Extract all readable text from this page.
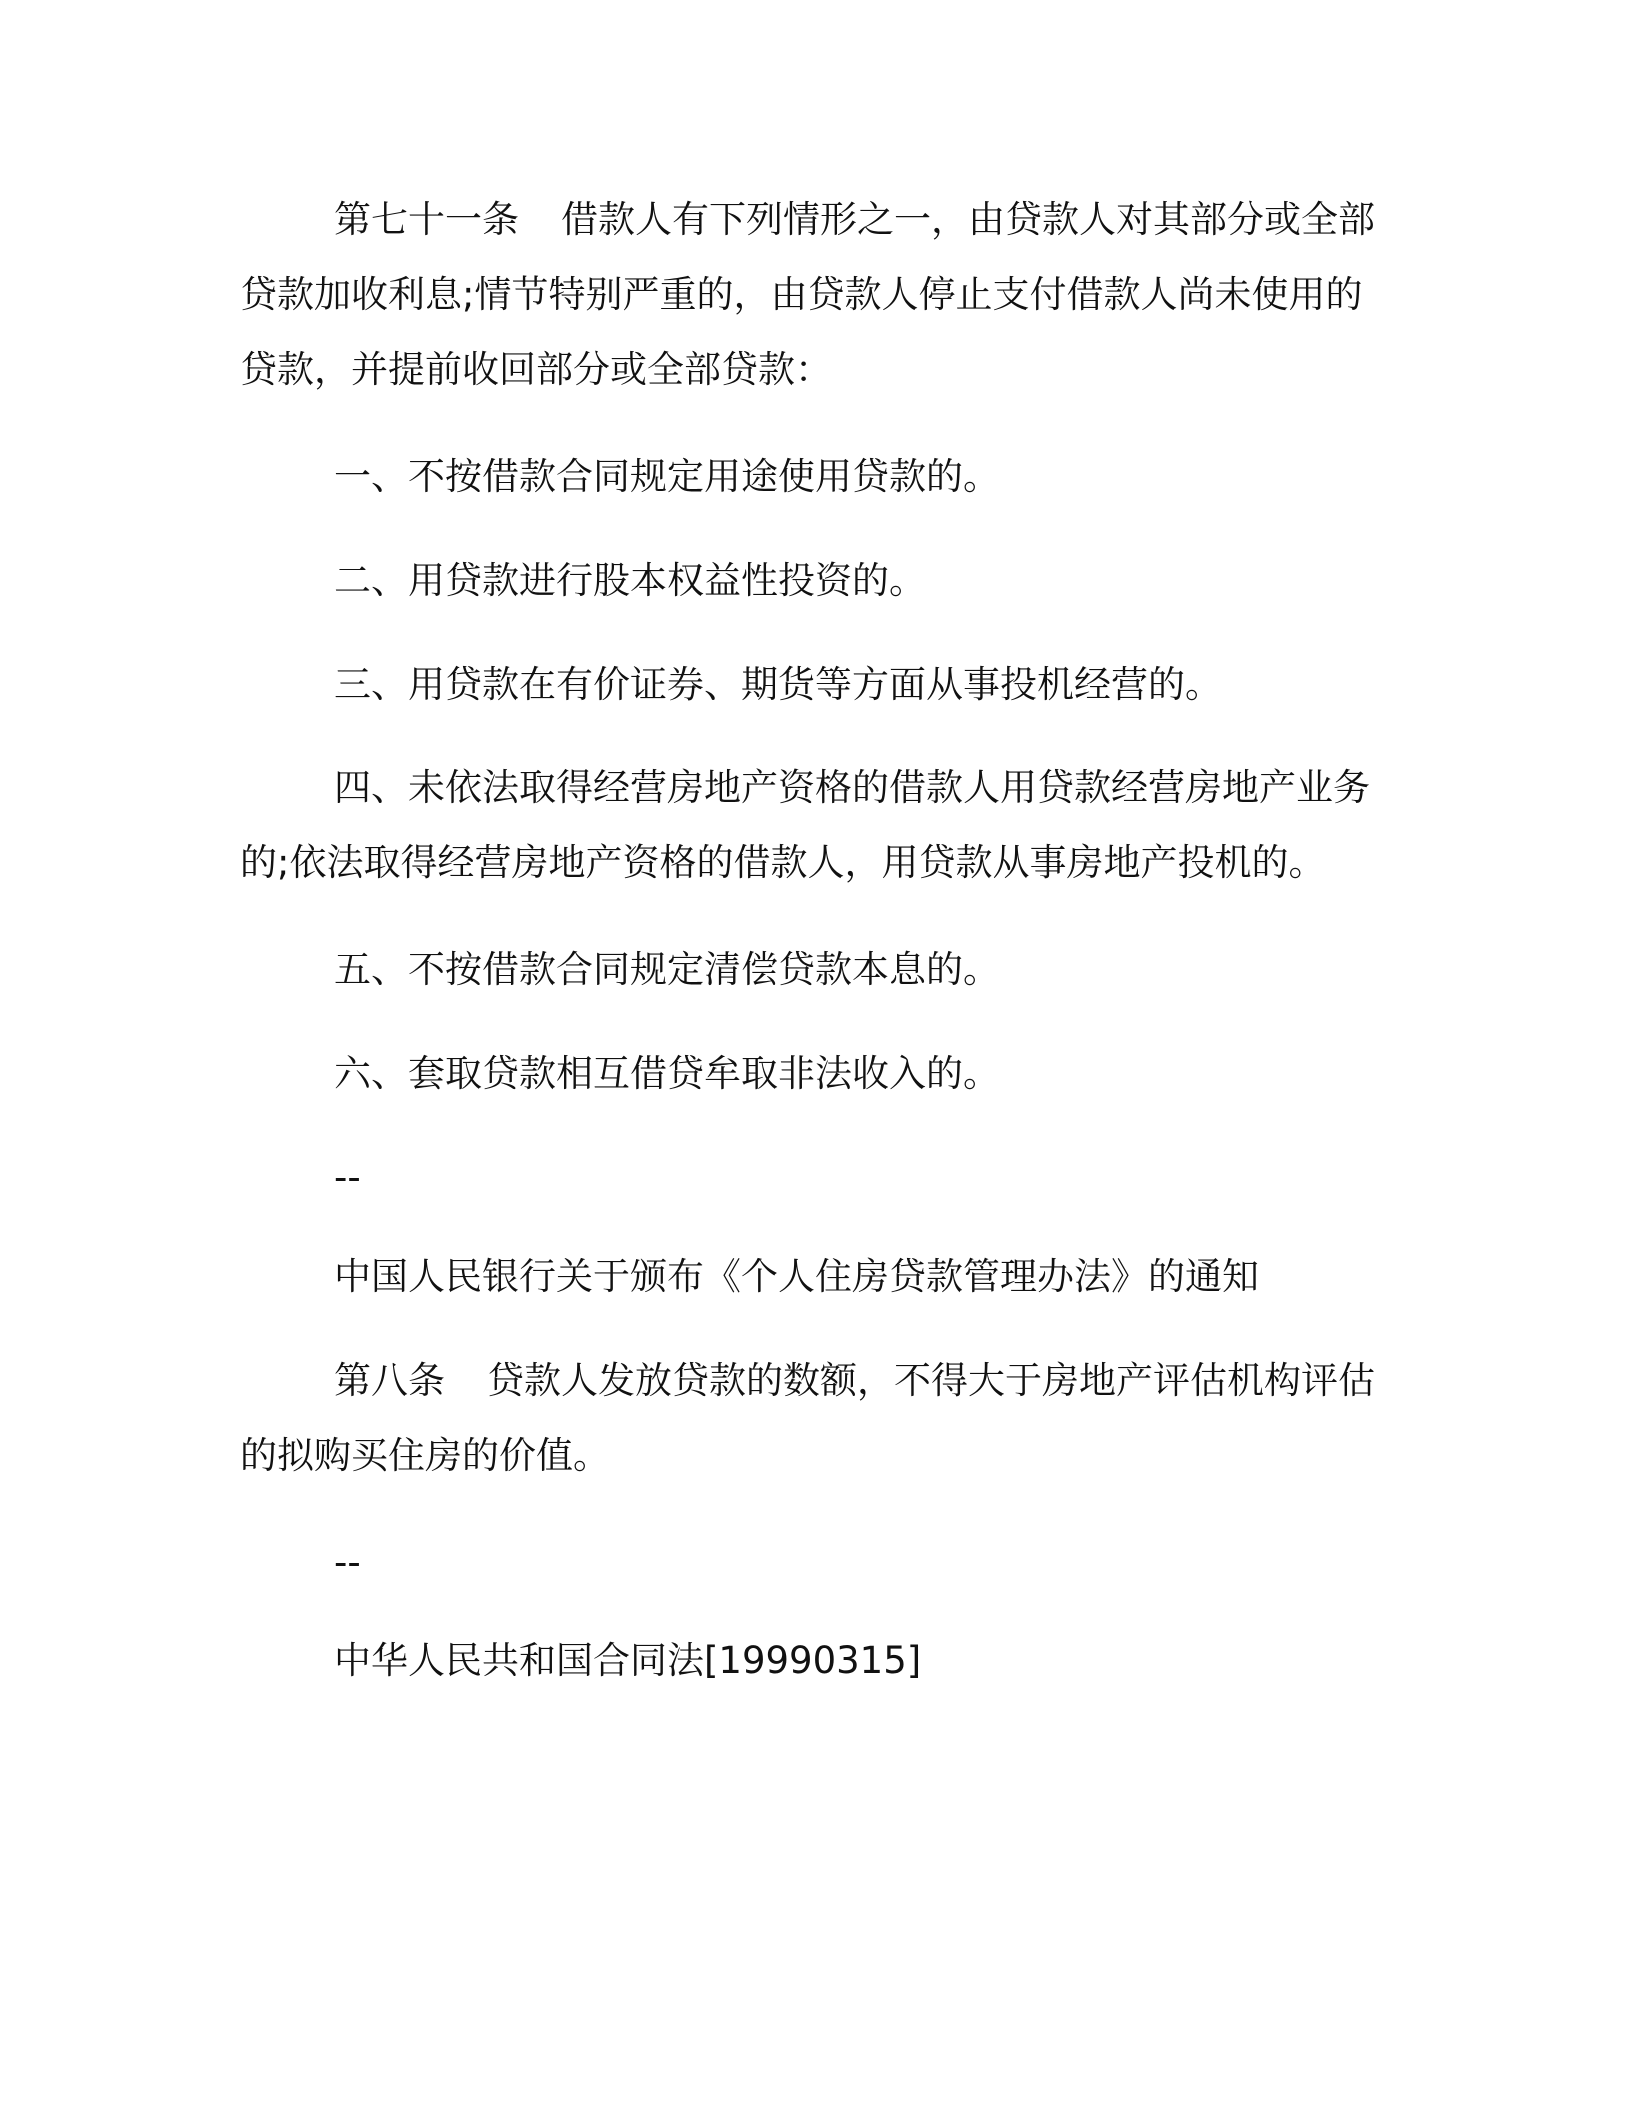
第七十一条 借款人有下列情形之一，由贷款人对其部分或全部
贷款加收利息;情节特别严重的，由贷款人停止支付借款人尚未使用的
贷款，并提前收回部分或全部贷款：
一、不按借款合同规定用途使用贷款的。
二、用贷款进行股本权益性投资的。
三、用贷款在有价证券、期货等方面从事投机经营的。
四、未依法取得经营房地产资格的借款人用贷款经营房地产业务
的;依法取得经营房地产资格的借款人，用贷款从事房地产投机的。
五、不按借款合同规定清偿贷款本息的。
六、套取贷款相互借贷牟取非法收入的。
--
中国人民银行关于颁布《个人住房贷款管理办法》的通知
第八条 贷款人发放贷款的数额，不得大于房地产评估机构评估
的拟购买住房的价值。
--
中华人民共和国合同法[19990315]
